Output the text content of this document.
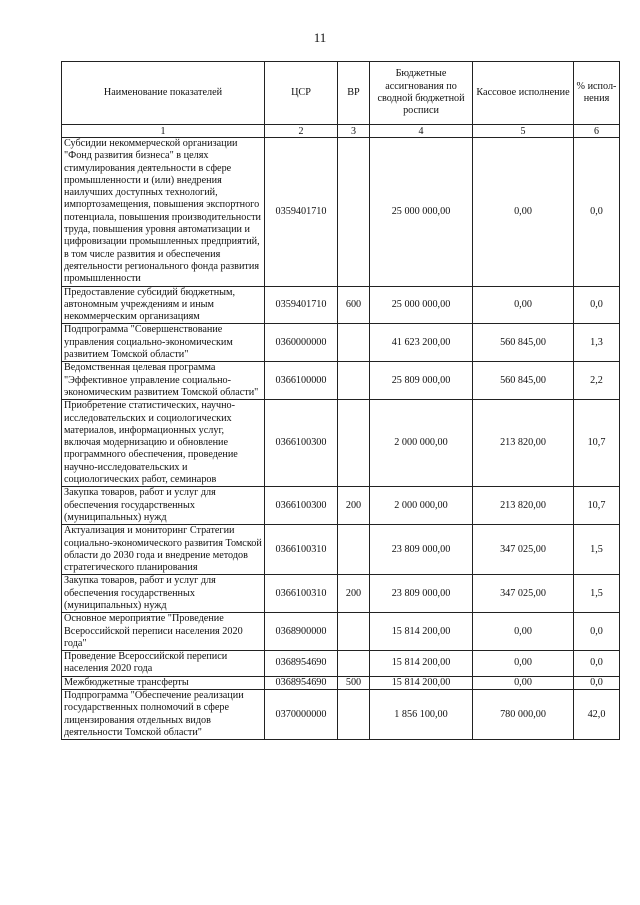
11
Наименование показателей	ЦСР	ВР	Бюджетные ассигнования по сводной бюджетной росписи	Кассовое исполнение	% испол-нения
1	2	3	4	5	6
Субсидии некоммерческой организации "Фонд развития бизнеса" в целях стимулирования деятельности в сфере промышленности и (или) внедрения наилучших доступных технологий, импортозамещения, повышения экспортного потенциала, повышения производительности труда, повышения уровня автоматизации и цифровизации промышленных предприятий, в том числе развития и обеспечения деятельности регионального фонда развития промышленности	0359401710		25 000 000,00	0,00	0,0
Предоставление субсидий бюджетным, автономным учреждениям и иным некоммерческим организациям	0359401710	600	25 000 000,00	0,00	0,0
Подпрограмма "Совершенствование управления социально-экономическим развитием Томской области"	0360000000		41 623 200,00	560 845,00	1,3
Ведомственная целевая программа "Эффективное управление социально-экономическим развитием Томской области"	0366100000		25 809 000,00	560 845,00	2,2
Приобретение статистических, научно-исследовательских и социологических материалов, информационных услуг, включая модернизацию и обновление программного обеспечения, проведение научно-исследовательских и социологических работ, семинаров	0366100300		2 000 000,00	213 820,00	10,7
Закупка товаров, работ и услуг для обеспечения государственных (муниципальных) нужд	0366100300	200	2 000 000,00	213 820,00	10,7
Актуализация и мониторинг Стратегии социально-экономического развития Томской области до 2030 года и внедрение методов стратегического планирования	0366100310		23 809 000,00	347 025,00	1,5
Закупка товаров, работ и услуг для обеспечения государственных (муниципальных) нужд	0366100310	200	23 809 000,00	347 025,00	1,5
Основное мероприятие "Проведение Всероссийской переписи населения 2020 года"	0368900000		15 814 200,00	0,00	0,0
Проведение Всероссийской переписи населения 2020 года	0368954690		15 814 200,00	0,00	0,0
Межбюджетные трансферты	0368954690	500	15 814 200,00	0,00	0,0
Подпрограмма "Обеспечение реализации государственных полномочий в сфере лицензирования отдельных видов деятельности Томской области"	0370000000		1 856 100,00	780 000,00	42,0
